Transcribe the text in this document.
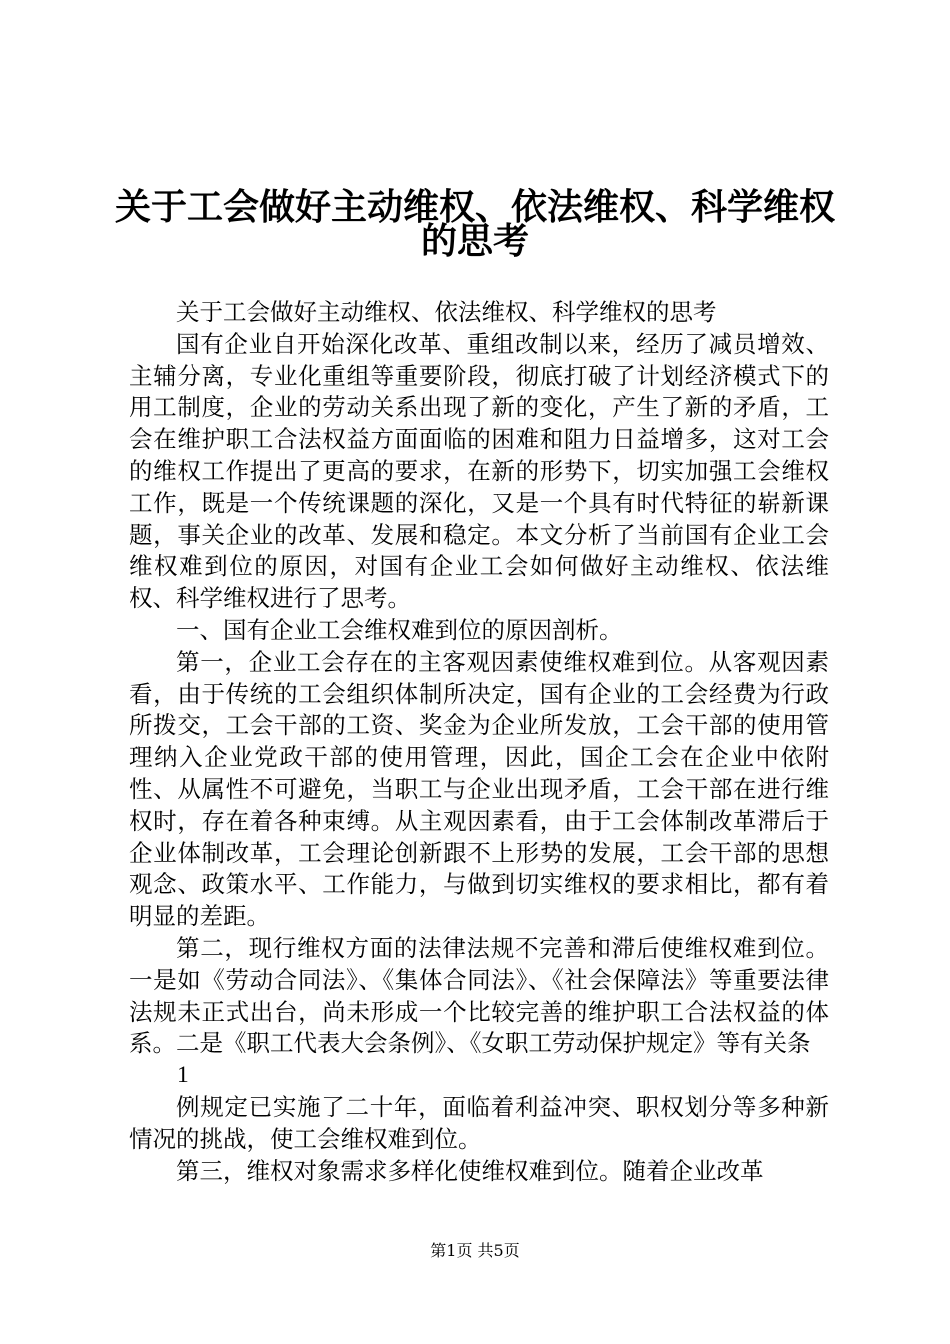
关于工会做好主动维权、依法维权、科学维权
的思考

关于工会做好主动维权、依法维权、科学维权的思考

国有企业自开始深化改革、重组改制以来，经历了减员增效、主辅分离，专业化重组等重要阶段，彻底打破了计划经济模式下的用工制度，企业的劳动关系出现了新的变化，产生了新的矛盾，工会在维护职工合法权益方面面临的困难和阻力日益增多，这对工会的维权工作提出了更高的要求，在新的形势下，切实加强工会维权工作，既是一个传统课题的深化，又是一个具有时代特征的崭新课题，事关企业的改革、发展和稳定。本文分析了当前国有企业工会维权难到位的原因，对国有企业工会如何做好主动维权、依法维权、科学维权进行了思考。

一、国有企业工会维权难到位的原因剖析。

第一，企业工会存在的主客观因素使维权难到位。从客观因素看，由于传统的工会组织体制所决定，国有企业的工会经费为行政所拨交，工会干部的工资、奖金为企业所发放，工会干部的使用管理纳入企业党政干部的使用管理，因此，国企工会在企业中依附性、从属性不可避免，当职工与企业出现矛盾，工会干部在进行维权时，存在着各种束缚。从主观因素看，由于工会体制改革滞后于企业体制改革，工会理论创新跟不上形势的发展，工会干部的思想观念、政策水平、工作能力，与做到切实维权的要求相比，都有着明显的差距。

第二，现行维权方面的法律法规不完善和滞后使维权难到位。一是如《劳动合同法》、《集体合同法》、《社会保障法》等重要法律法规未正式出台，尚未形成一个比较完善的维护职工合法权益的体系。二是《职工代表大会条例》、《女职工劳动保护规定》等有关条

1

例规定已实施了二十年，面临着利益冲突、职权划分等多种新情况的挑战，使工会维权难到位。

第三，维权对象需求多样化使维权难到位。随着企业改革

第1页 共5页
